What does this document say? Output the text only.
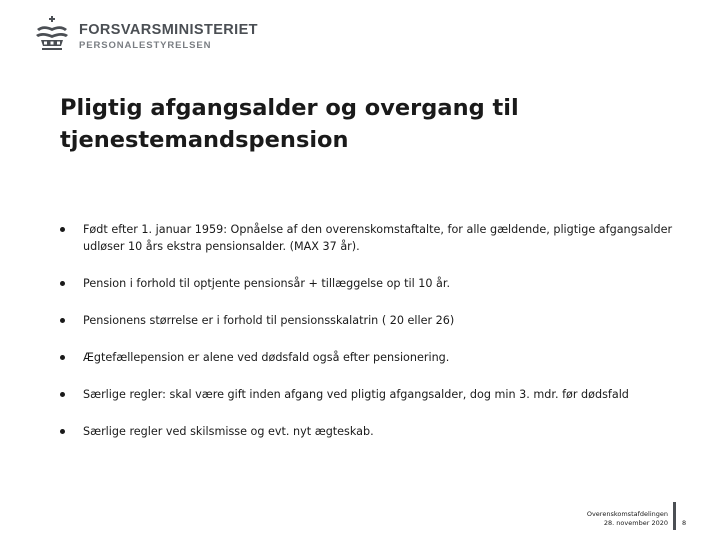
FORSVARSMINISTERIET
PERSONALESTYRELSEN
Pligtig afgangsalder og overgang til tjenestemandspension
Født efter 1. januar 1959: Opnåelse af den overenskomstaftalte, for alle gældende, pligtige afgangsalder udløser 10 års ekstra pensionsalder. (MAX 37 år).
Pension i forhold til optjente pensionsår + tillæggelse op til 10 år.
Pensionens størrelse er i forhold til pensionsskalatrin ( 20 eller 26)
Ægtefællepension er alene ved dødsfald også efter pensionering.
Særlige regler: skal være gift inden afgang ved pligtig afgangsalder, dog min 3. mdr. før dødsfald
Særlige regler ved skilsmisse og evt. nyt ægteskab.
Overenskomstafdelingen
28. november 2020 8
